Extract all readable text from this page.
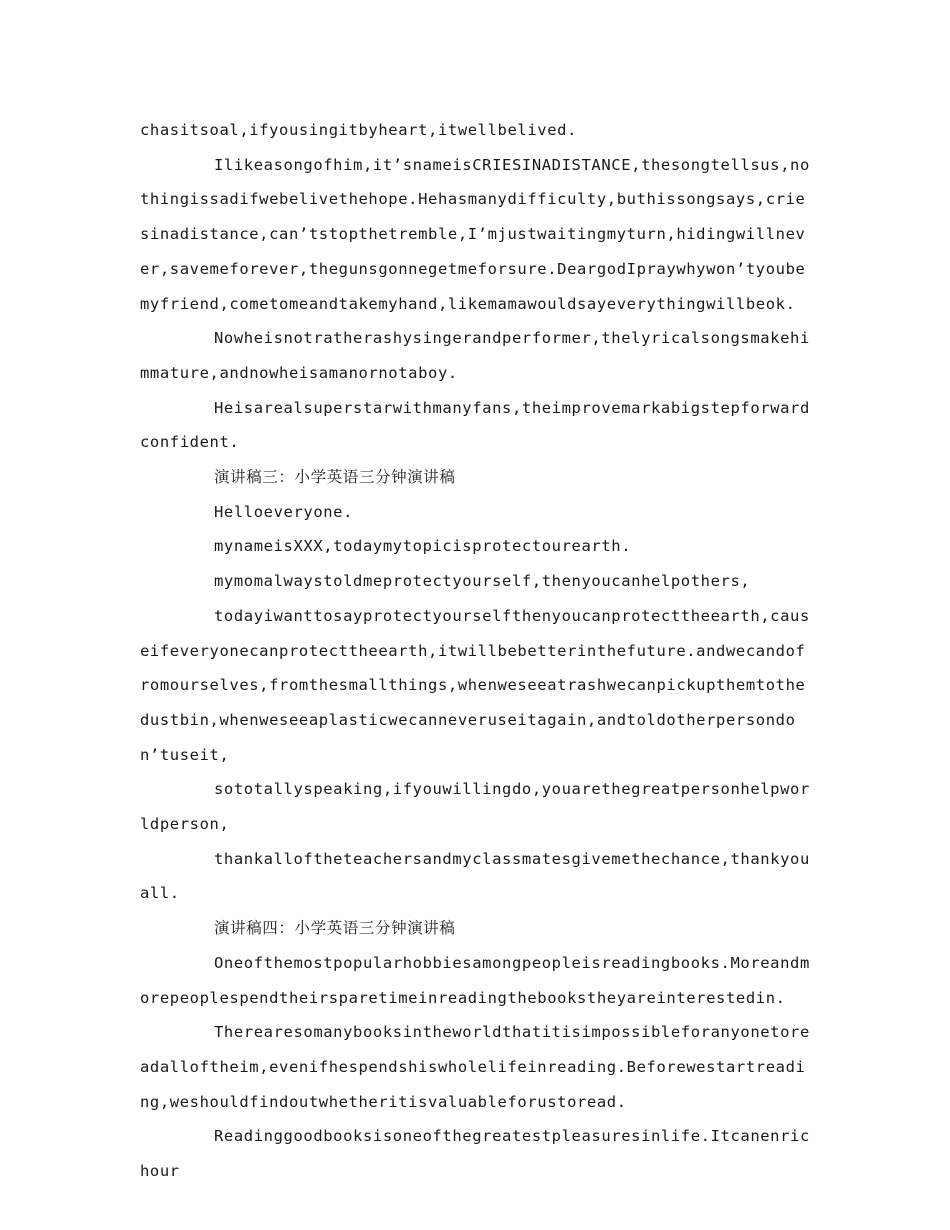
chasitsoal,ifyousingitbyheart,itwellbelived.

Ilikeasongofhim,it’snameisCRIESINADISTANCE,thesongtellsus,nothingissadifwebelivethehope.Hehasmanydifficulty,buthissongsays,criesinadistance,can’tstopthetremble,I’mjustwaitingmyturn,hidingwillnever,savemeforever,thegunsgonnegetmeforsure.DeargodIpraywhywon’tyoubemyfriend,cometomeandtakemyhand,likemamawouldsayeverythingwillbeok.

Nowheisnotratherashysingerandperformer,thelyricalsongsmakehimmature,andnowheisamanornotaboy.

Heisarealsuperstarwithmanyfans,theimprovemarkabigstepforwardconfident.

演讲稿三：小学英语三分钟演讲稿

Helloeveryone.

mynameisXXX,todaymytopicisprotectourearth.

mymomalwaystoldmeprotectyourself,thenyoucanhelpothers,

todayiwanttosayprotectyourselfthenyoucanprotecttheearth,causeifeveryonecanprotecttheearth,itwillbebetterinthefuture.andwecandofromourselves,fromthesmallthings,whenweseeatrashwecanpickupthemtothedustbin,whenweseeaplasticwecanneveruseitagain,andtoldotherpersondon’tuseit,

sototallyspeaking,ifyouwillingdo,youarethegreatpersonhelpworldperson,

thankalloftheteachersandmyclassmatesgivemethechance,thankyouall.

演讲稿四：小学英语三分钟演讲稿

Oneofthemostpopularhobbiesamongpeopleisreadingbooks.Moreandmorepeoplespendtheirsparetimeinreadingthebookstheyareinterestedin.

Therearesomanybooksintheworldthatitisimpossibleforanyonetoreadalloftheim,evenifhespendshiswholelifeinreading.Beforewestartreading,weshouldfindoutwhetheritisvaluableforustoread.

Readinggoodbooksisoneofthegreatestpleasuresinlife.Itcanenrichour
